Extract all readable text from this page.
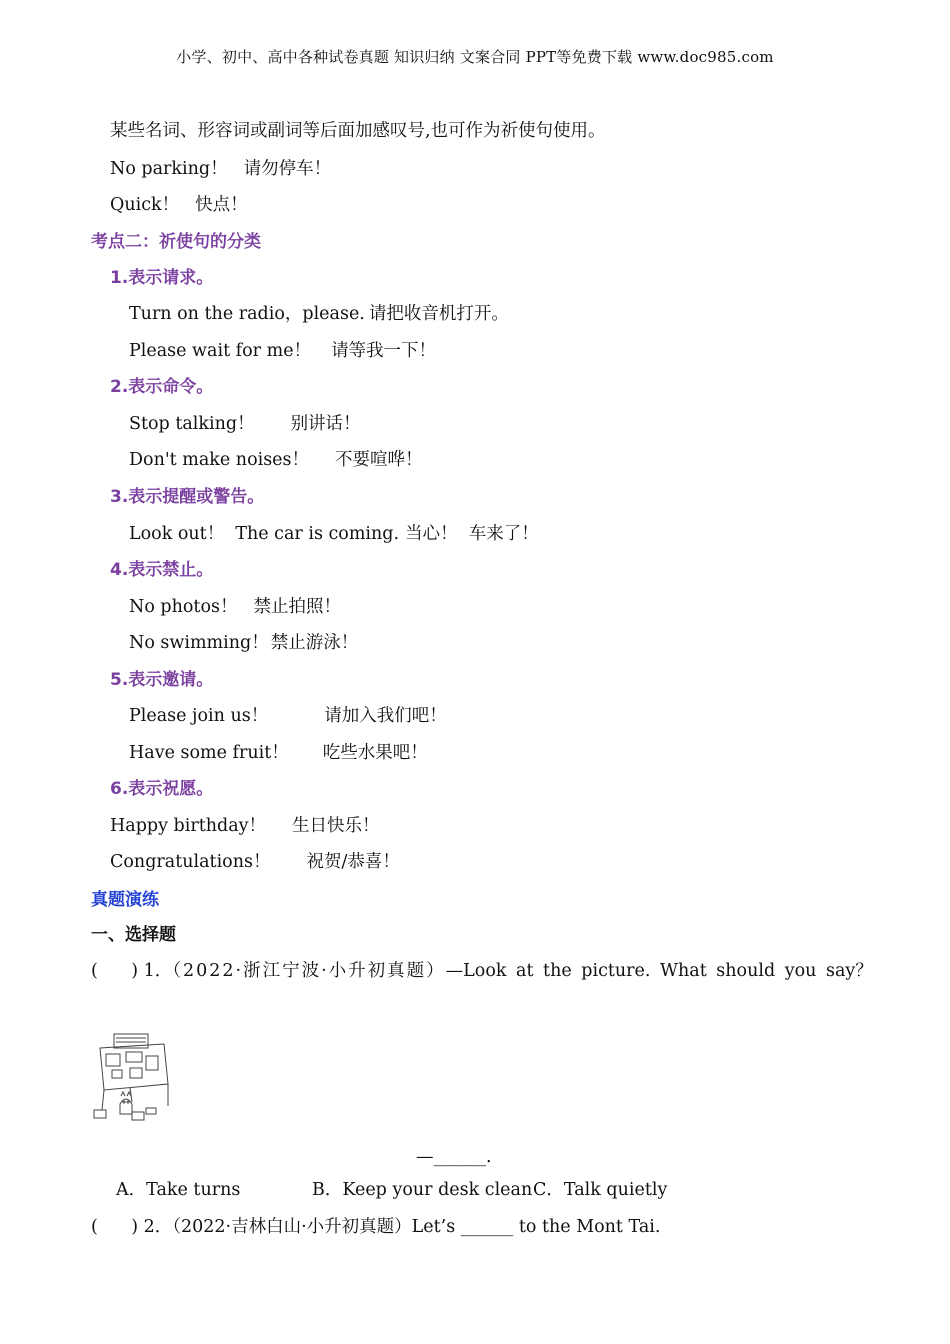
小学、初中、高中各种试卷真题 知识归纳 文案合同 PPT等免费下载 www.doc985.com
某些名词、形容词或副词等后面加感叹号,也可作为祈使句使用。
No parking！ 请勿停车！
Quick！ 快点！
考点二：祈使句的分类
1.表示请求。
Turn on the radio，please. 请把收音机打开。
Please wait for me！ 请等我一下！
2.表示命令。
Stop talking！ 别讲话！
Don't make noises！ 不要喧哗！
3.表示提醒或警告。
Look out！  The car is coming. 当心！  车来了！
4.表示禁止。
No photos！ 禁止拍照！
No swimming！ 禁止游泳！
5.表示邀请。
Please join us！	请加入我们吧！
Have some fruit！ 吃些水果吧！
6.表示祝愿。
Happy birthday！ 生日快乐！
Congratulations！ 祝贺/恭喜！
真题演练
一、选择题
(      ) 1．（2022·浙江宁波·小升初真题）—Look at the picture. What should you say？
—______.
A．Take turns	B．Keep your desk clean C．Talk quietly
(      ) 2．（2022·吉林白山·小升初真题）Let’s ______ to the Mont Tai.
